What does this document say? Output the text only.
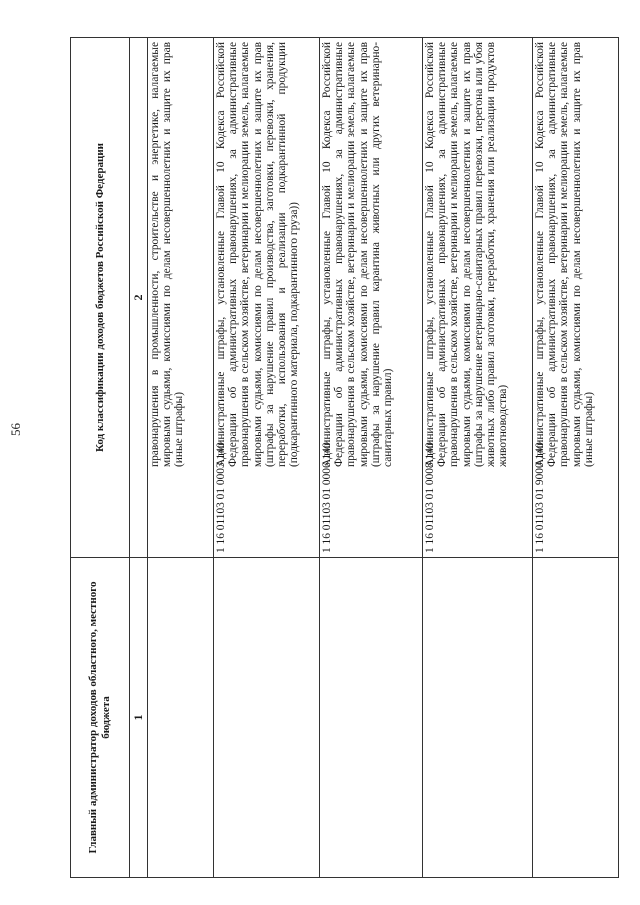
56
Главный администратор доходов областного, местного бюджета	Код классификации доходов бюджетов Российской Федерации
1	2

	правонарушения в промышленности, строительстве и энергетике, налагаемые мировыми судьями, комиссиями по делам несовершеннолетних и защите их прав (иные штрафы)

	1 16 01103 01 0003 140
Административные штрафы, установленные Главой 10 Кодекса Российской Федерации об административных правонарушениях, за административные правонарушения в сельском хозяйстве, ветеринарии и мелиорации земель, налагаемые мировыми судьями, комиссиями по делам несовершеннолетних и защите их прав (штрафы за нарушение правил производства, заготовки, перевозки, хранения, переработки, использования и реализации подкарантинной продукции (подкарантинного материала, подкарантинного груза))

	1 16 01103 01 0006 140
Административные штрафы, установленные Главой 10 Кодекса Российской Федерации об административных правонарушениях, за административные правонарушения в сельском хозяйстве, ветеринарии и мелиорации земель, налагаемые мировыми судьями, комиссиями по делам несовершеннолетних и защите их прав (штрафы за нарушение правил карантина животных или других ветеринарно-санитарных правил)

	1 16 01103 01 0008 140
Административные штрафы, установленные Главой 10 Кодекса Российской Федерации об административных правонарушениях, за административные правонарушения в сельском хозяйстве, ветеринарии и мелиорации земель, налагаемые мировыми судьями, комиссиями по делам несовершеннолетних и защите их прав (штрафы за нарушение ветеринарно-санитарных правил перевозки, перегона или убоя животных либо правил заготовки, переработки, хранения или реализации продуктов животноводства)

	1 16 01103 01 9000 140
Административные штрафы, установленные Главой 10 Кодекса Российской Федерации об административных правонарушениях, за административные правонарушения в сельском хозяйстве, ветеринарии и мелиорации земель, налагаемые мировыми судьями, комиссиями по делам несовершеннолетних и защите их прав (иные штрафы)
